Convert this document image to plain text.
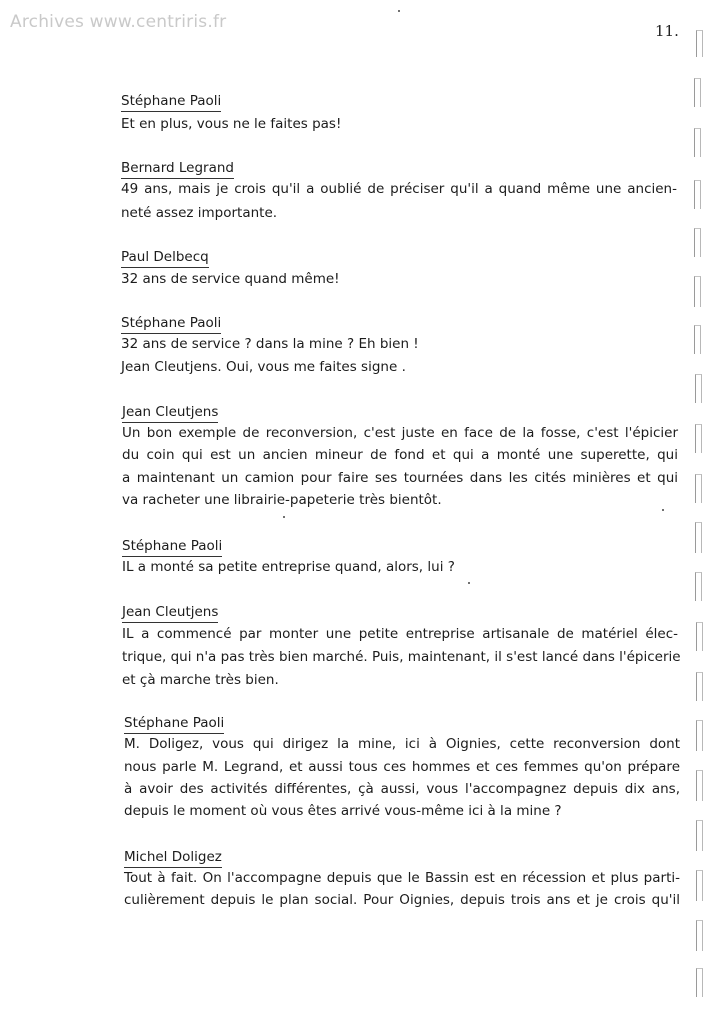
Archives www.centriris.fr	11.
Stéphane Paoli
Et en plus, vous ne le faites pas!
Bernard Legrand
49 ans, mais je crois qu'il a oublié de préciser qu'il a quand même une ancien-
neté assez importante.
Paul Delbecq
32 ans de service quand même!
Stéphane Paoli
32 ans de service ? dans la mine ? Eh bien !
Jean Cleutjens. Oui, vous me faites signe .
Jean Cleutjens
Un bon exemple de reconversion, c'est juste en face de la fosse, c'est l'épicier
du coin qui est un ancien mineur de fond et qui a monté une superette, qui
a maintenant un camion pour faire ses tournées dans les cités minières et qui
va racheter une librairie-papeterie très bientôt.
Stéphane Paoli
IL a monté sa petite entreprise quand, alors, lui ?
Jean Cleutjens
IL a commencé par monter une petite entreprise artisanale de matériel élec-
trique, qui n'a pas très bien marché. Puis, maintenant, il s'est lancé dans l'épicerie
et çà marche très bien.
Stéphane Paoli
M. Doligez, vous qui dirigez la mine, ici à Oignies, cette reconversion dont
nous parle M. Legrand, et aussi tous ces hommes et ces femmes qu'on prépare
à avoir des activités différentes, çà aussi, vous l'accompagnez depuis dix ans,
depuis le moment où vous êtes arrivé vous-même ici à la mine ?
Michel Doligez
Tout à fait. On l'accompagne depuis que le Bassin est en récession et plus parti-
culièrement depuis le plan social. Pour Oignies, depuis trois ans et je crois qu'il
